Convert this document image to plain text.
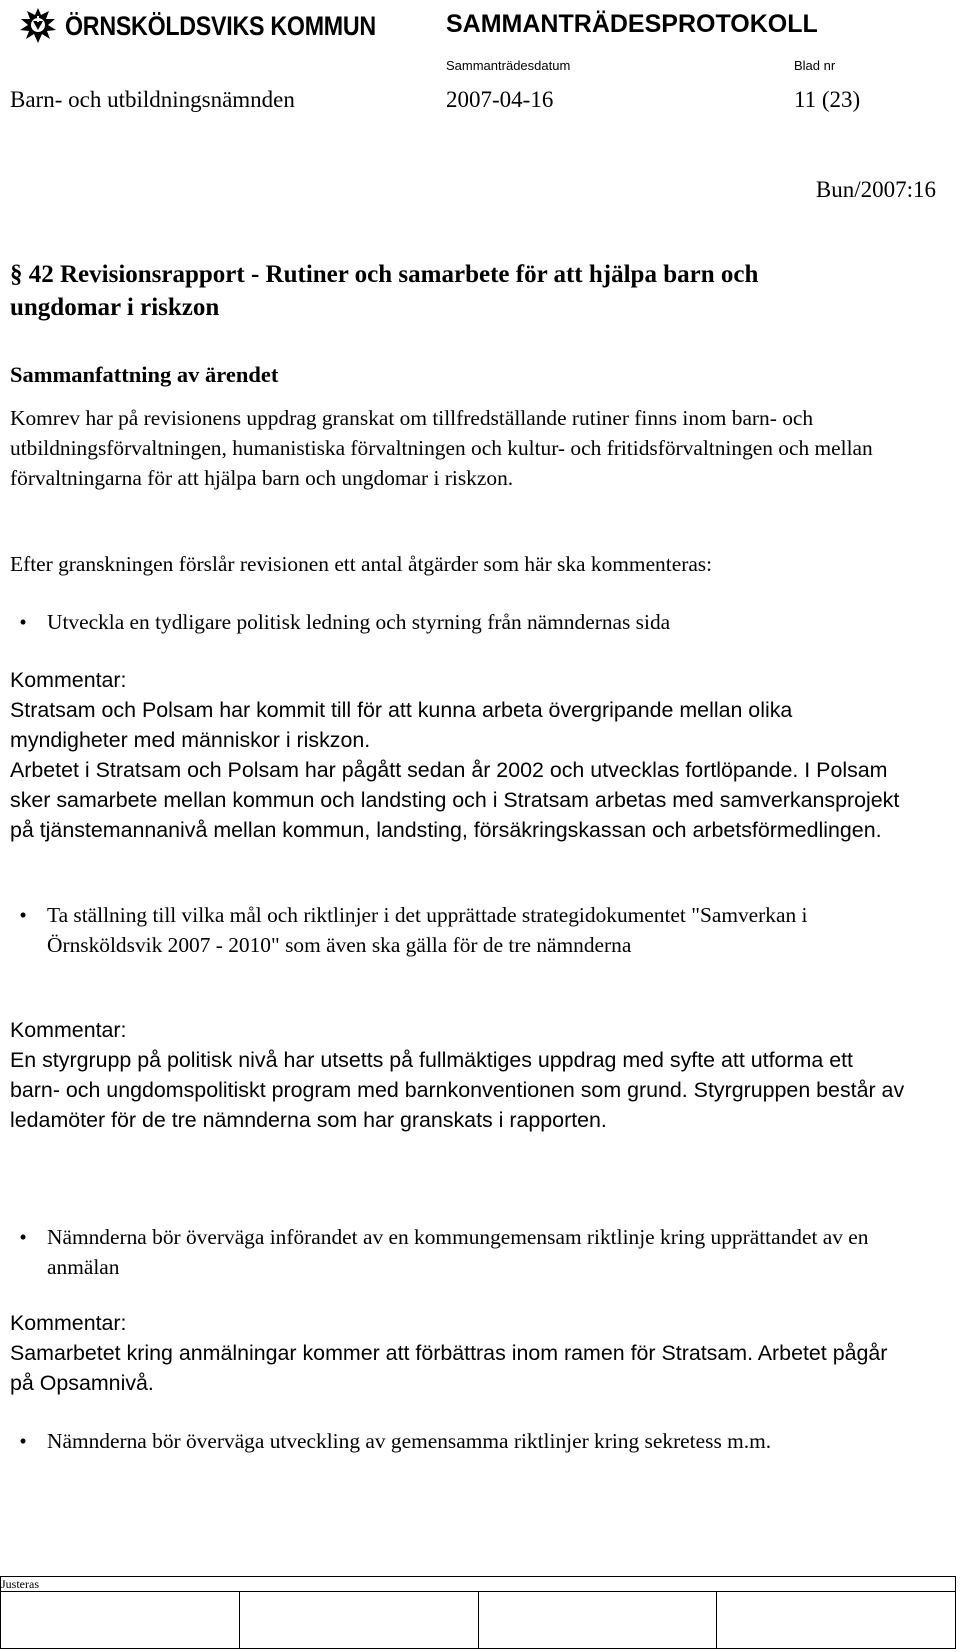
ÖRNSKÖLDSVIKS KOMMUN	SAMMANTRÄDESPROTOKOLL
Sammanträdesdatum	Blad nr
Barn- och utbildningsnämnden	2007-04-16	11 (23)
Bun/2007:16
§ 42 Revisionsrapport - Rutiner och samarbete för att hjälpa barn och
ungdomar i riskzon
Sammanfattning av ärendet

Komrev har på revisionens uppdrag granskat om tillfredställande rutiner finns inom barn- och utbildningsförvaltningen, humanistiska förvaltningen och kultur- och fritidsförvaltningen och mellan förvaltningarna för att hjälpa barn och ungdomar i riskzon.

Efter granskningen förslår revisionen ett antal åtgärder som här ska kommenteras:

• Utveckla en tydligare politisk ledning och styrning från nämndernas sida
Kommentar:

Stratsam och Polsam har kommit till för att kunna arbeta övergripande mellan olika myndigheter med människor i riskzon.

Arbetet i Stratsam och Polsam har pågått sedan år 2002 och utvecklas fortlöpande. I Polsam sker samarbete mellan kommun och landsting och i Stratsam arbetas med samverkansprojekt på tjänstemannanivå mellan kommun, landsting, försäkringskassan och arbetsförmedlingen.

• Ta ställning till vilka mål och riktlinjer i det upprättade strategidokumentet "Samverkan i Örnsköldsvik 2007 - 2010" som även ska gälla för de tre nämnderna
Kommentar:

En styrgrupp på politisk nivå har utsetts på fullmäktiges uppdrag med syfte att utforma ett barn- och ungdomspolitiskt program med barnkonventionen som grund. Styrgruppen består av ledamöter för de tre nämnderna som har granskats i rapporten.

• Nämnderna bör överväga införandet av en kommungemensam riktlinje kring upprättandet av en anmälan
Kommentar:

Samarbetet kring anmälningar kommer att förbättras inom ramen för Stratsam. Arbetet pågår på Opsamnivå.

• Nämnderna bör överväga utveckling av gemensamma riktlinjer kring sekretess m.m.
Justeras
